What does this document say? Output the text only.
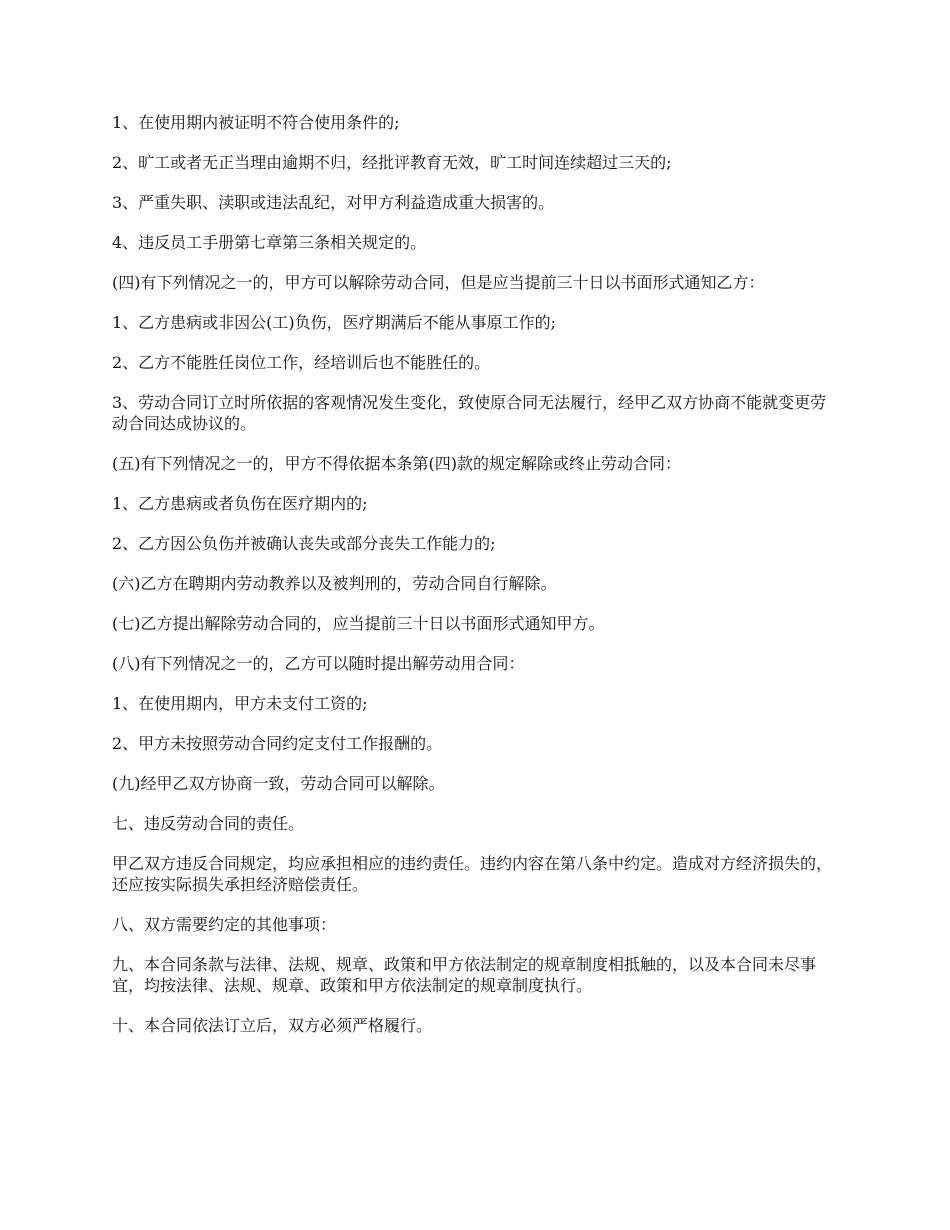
1、在使用期内被证明不符合使用条件的;

2、旷工或者无正当理由逾期不归，经批评教育无效，旷工时间连续超过三天的;

3、严重失职、渎职或违法乱纪，对甲方利益造成重大损害的。

4、违反员工手册第七章第三条相关规定的。

(四)有下列情况之一的，甲方可以解除劳动合同，但是应当提前三十日以书面形式通知乙方：

1、乙方患病或非因公(工)负伤，医疗期满后不能从事原工作的;

2、乙方不能胜任岗位工作，经培训后也不能胜任的。

3、劳动合同订立时所依据的客观情况发生变化，致使原合同无法履行，经甲乙双方协商不能就变更劳动合同达成协议的。

(五)有下列情况之一的，甲方不得依据本条第(四)款的规定解除或终止劳动合同：

1、乙方患病或者负伤在医疗期内的;

2、乙方因公负伤并被确认丧失或部分丧失工作能力的;

(六)乙方在聘期内劳动教养以及被判刑的，劳动合同自行解除。

(七)乙方提出解除劳动合同的，应当提前三十日以书面形式通知甲方。

(八)有下列情况之一的，乙方可以随时提出解劳动用合同：

1、在使用期内，甲方未支付工资的;

2、甲方未按照劳动合同约定支付工作报酬的。

(九)经甲乙双方协商一致，劳动合同可以解除。

七、违反劳动合同的责任。

甲乙双方违反合同规定，均应承担相应的违约责任。违约内容在第八条中约定。造成对方经济损失的，还应按实际损失承担经济赔偿责任。

八、双方需要约定的其他事项：

九、本合同条款与法律、法规、规章、政策和甲方依法制定的规章制度相抵触的，以及本合同未尽事宜，均按法律、法规、规章、政策和甲方依法制定的规章制度执行。

十、本合同依法订立后，双方必须严格履行。
